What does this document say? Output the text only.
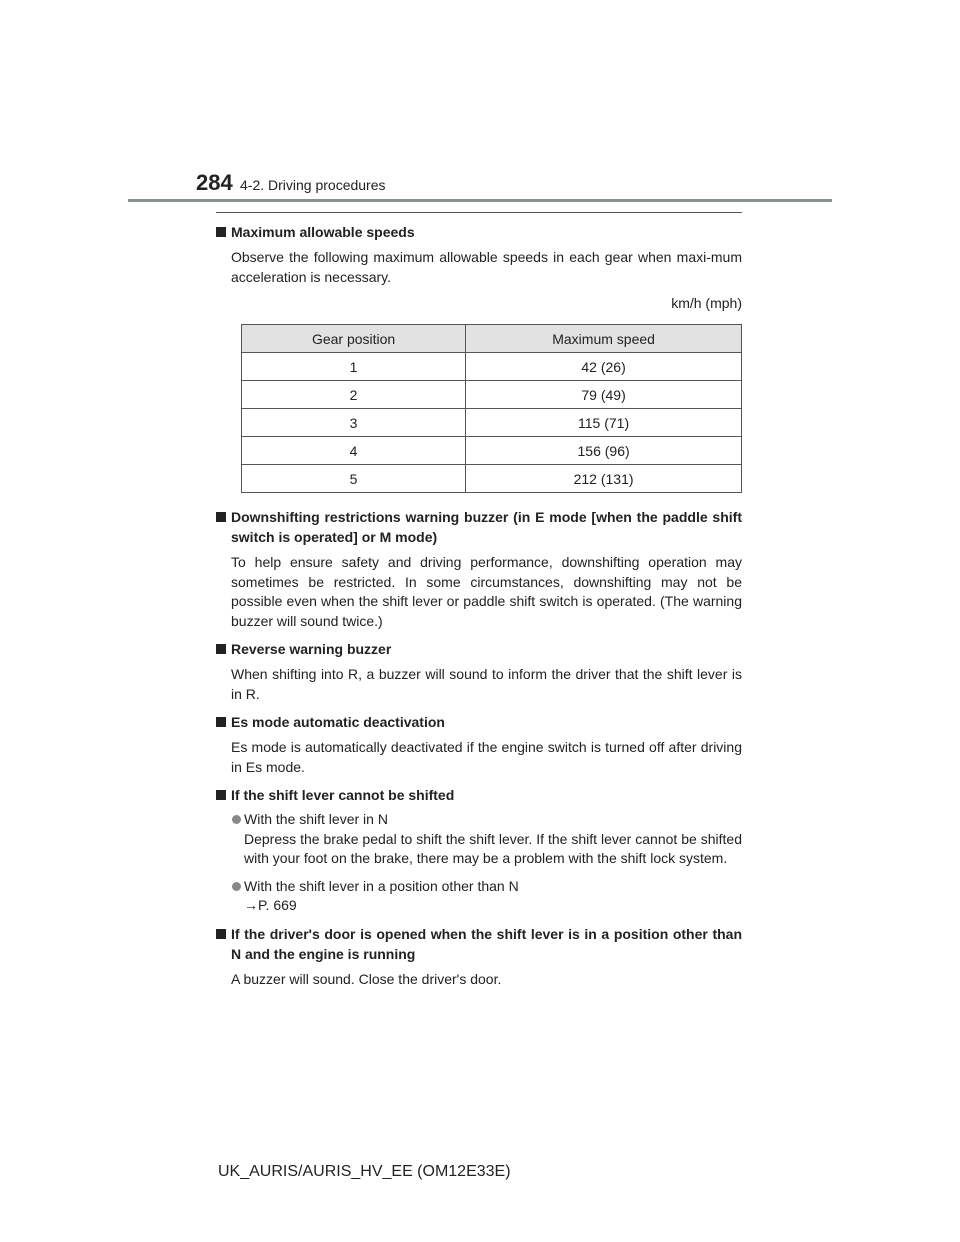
284 4-2. Driving procedures
Maximum allowable speeds
Observe the following maximum allowable speeds in each gear when maxi-mum acceleration is necessary.
km/h (mph)
Gear position	Maximum speed
1	42 (26)
2	79 (49)
3	115 (71)
4	156 (96)
5	212 (131)
Downshifting restrictions warning buzzer (in E mode [when the paddle shift switch is operated] or M mode)
To help ensure safety and driving performance, downshifting operation may sometimes be restricted. In some circumstances, downshifting may not be possible even when the shift lever or paddle shift switch is operated. (The warning buzzer will sound twice.)
Reverse warning buzzer
When shifting into R, a buzzer will sound to inform the driver that the shift lever is in R.
Es mode automatic deactivation
Es mode is automatically deactivated if the engine switch is turned off after driving in Es mode.
If the shift lever cannot be shifted
With the shift lever in N
Depress the brake pedal to shift the shift lever. If the shift lever cannot be shifted with your foot on the brake, there may be a problem with the shift lock system.
With the shift lever in a position other than N
→P. 669
If the driver's door is opened when the shift lever is in a position other than N and the engine is running
A buzzer will sound. Close the driver's door.
UK_AURIS/AURIS_HV_EE (OM12E33E)
